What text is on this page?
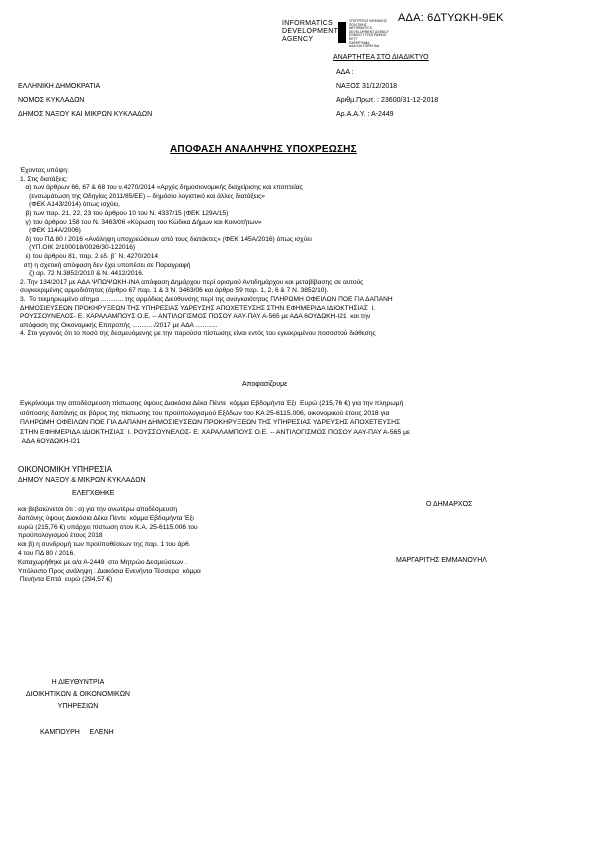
ΑΔΑ: 6ΔΤΥΩΚΗ-9ΕΚ
INFORMATICS
DEVELOPMENT
AGENCY
ΥΠΟΥΡΓΕΙΟ ΨΗΦΙΑΚΗΣ
ΠΟΛΙΤΙΚΗΣ
INFORMATICS
DEVELOPMENT AGENCY
ΕΘΝΙΚΟ ΤΥΠΟΓΡΑΦΕΙΟ
ΕΕΤΤ
ΠΑΡΑΡΤΗΜΑ
ΑΔΑ ΚΑΙ ΣΦΡΑΓΙΔΑ
ΑΝΑΡΤΗΤΕΑ ΣΤΟ ΔΙΑΔΙΚΤΥΟ
ΑΔΑ :
ΝΑΞΟΣ 31/12/2018
Αριθμ.Πρωτ. : 23600/31-12-2018
Αρ.Α.Α.Υ. : Α-2449
ΕΛΛΗΝΙΚΗ ΔΗΜΟΚΡΑΤΙΑ
ΝΟΜΟΣ ΚΥΚΛΑΔΩΝ
ΔΗΜΟΣ ΝΑΞΟΥ ΚΑΙ ΜΙΚΡΩΝ ΚΥΚΛΑΔΩΝ
ΑΠΟΦΑΣΗ ΑΝΑΛΗΨΗΣ ΥΠΟΧΡΕΩΣΗΣ
Έχοντας υπόψη:
1. Στις διατάξεις:
α) των άρθρων 66, 67 & 68 του ν.4270/2014 «Αρχές δημοσιονομικής διαχείρισης και εποπτείας
(ενσωμάτωση της Οδηγίας 2011/85/ΕΕ) – δημόσιο λογιστικό και άλλες διατάξεις»
(ΦΕΚ Α143/2014) όπως ισχύει,
β) των παρ. 21, 22, 23 του άρθρου 10 του Ν. 4337/15 (ΦΕΚ 129Α/15)
γ) του άρθρου 158 του Ν. 3463/06 «Κύρωση του Κώδικα Δήμων και Κοινοτήτων»
(ΦΕΚ 114Α/2006)
δ) του ΠΔ 80 / 2016 «Ανάληψη υποχρεώσεων από τους διατάκτες» (ΦΕΚ 145Α/2016) όπως ισχύει
(ΥΠ.ΟΙΚ 2/100018/0026/30-122016)
ε) του άρθρου 81, παρ. 2 εδ. β΄ Ν. 4270/2014
στ) η σχετική απόφαση δεν έχει υποπέσει σε Παραγραφή
ζ) αρ. 72 Ν.3852/2010 & Ν. 4412/2016.
2. Την 134/2017 με ΑΔΑ ΨΠΩΨΩΚΗ-ΙΝΑ απόφαση Δημάρχου περί ορισμού Αντιδημάρχου και μεταβίβασης σε αυτούς
συγκεκριμένης αρμοδιότητας (άρθρο 67 παρ. 1 & 3 Ν. 3463/06 και άρθρο 59 παρ. 1, 2, 6 & 7 Ν. 3852/10).
3.  Το τεκμηριωμένο αίτημα ............ της αρμόδιας Διεύθυνσης περί της αναγκαιότητας ΠΛΗΡΩΜΗ ΟΦΕΙΛΩΝ ΠΟΕ ΓΙΑ ΔΑΠΑΝΗ
ΔΗΜΟΣΙΕΥΣΕΩΝ ΠΡΟΚΗΡΥΞΕΩΝ ΤΗΣ ΥΠΗΡΕΣΙΑΣ ΥΔΡΕΥΣΗΣ ΑΠΟΧΕΤΕΥΣΗΣ ΣΤΗΝ ΕΦΗΜΕΡΙΔΑ ΙΔΙΟΚΤΗΣΙΑΣ  Ι.
ΡΟΥΣΣΟΥΝΕΛΟΣ- Ε. ΧΑΡΑΛΑΜΠΟΥΣ Ο.Ε. -- ΑΝΤΙΛΟΓΙΣΜΟΣ ΠΟΣΟΥ ΑΑΥ-ΠΑΥ Α-565 με ΑΔΑ 6ΟΥΔΩΚΗ-Ι21  και την
απόφαση της Οικονομικής Επιτροπής ............/2017 με ΑΔΑ ............
4. Στο γεγονός ότι το ποσό της δεσμευόμενης με την παρούσα πίστωσης είναι εντός του εγκεκριμένου ποσοστού διάθεσης
Αποφασίζουμε
Εγκρίνουμε την αποδέσμευση πίστωσης ύψους Διακόσια Δέκα Πέντε  κόμμα Εβδομήντα Έξι  Ευρώ (215,76 €) για την πληρωμή
ισόποσης δαπάνης σε βάρος της πίστωσης του προϋπολογισμού Εξόδων του ΚΑ 25-6115.006, οικονομικού έτους 2018 για
ΠΛΗΡΩΜΗ ΟΦΕΙΛΩΝ ΠΟΕ ΓΙΑ ΔΑΠΑΝΗ ΔΗΜΟΣΙΕΥΣΕΩΝ ΠΡΟΚΗΡΥΞΕΩΝ ΤΗΣ ΥΠΗΡΕΣΙΑΣ ΥΔΡΕΥΣΗΣ ΑΠΟΧΕΤΕΥΣΗΣ
ΣΤΗΝ ΕΦΗΜΕΡΙΔΑ ΙΔΙΟΚΤΗΣΙΑΣ  Ι. ΡΟΥΣΣΟΥΝΕΛΟΣ- Ε. ΧΑΡΑΛΑΜΠΟΥΣ Ο.Ε. -- ΑΝΤΙΛΟΓΙΣΜΟΣ ΠΟΣΟΥ ΑΑΥ-ΠΑΥ Α-565 με
ΑΔΑ 6ΟΥΔΩΚΗ-Ι21
ΟΙΚΟΝΟΜΙΚΗ ΥΠΗΡΕΣΙΑ
ΔΗΜΟΥ ΝΑΞΟΥ & ΜΙΚΡΩΝ ΚΥΚΛΑΔΩΝ
ΕΛΕΓΧΘΗΚΕ
και βεβαιώνεται ότι : α) για την ανωτέρω αποδέσμευση
δαπάνης ύψους Διακόσια Δέκα Πέντε  κόμμα Εβδομήντα Έξι
ευρώ (215,76 €) υπάρχει πίστωση στον Κ.Α. 25-6115.006 του
προϋπολογισμού έτους 2018
και β) η συνδρομή των προϋποθέσεων της παρ. 1 του άρθ.
4 του ΠΔ 80 / 2016.
Καταχωρήθηκε με α/α Α-2449  στο Μητρώο Δεσμεύσεων .
Υπόλοιπο Προς ανάληψη : Διακόσια Ενενήντα Τέσσερα  κόμμα
Πενήντα Επτά  ευρώ (294,57 €)
Ο ΔΗΜΑΡΧΟΣ
ΜΑΡΓΑΡΙΤΗΣ ΕΜΜΑΝΟΥΗΛ
Η ΔΙΕΥΘΥΝΤΡΙΑ
ΔΙΟΙΚΗΤΙΚΩΝ & ΟΙΚΟΝΟΜΙΚΩΝ
ΥΠΗΡΕΣΙΩΝ
ΚΑΜΠΟΥΡΗ     ΕΛΕΝΗ
